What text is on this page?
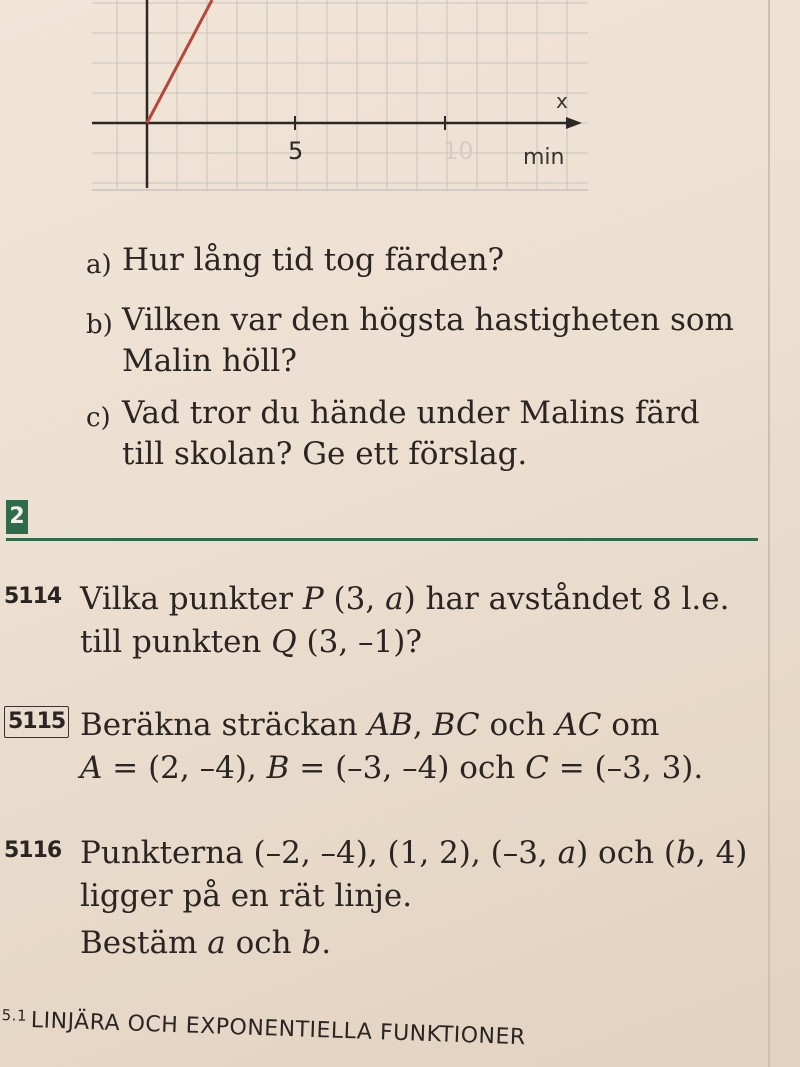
x
5	10 min
a) Hur lång tid tog färden?
b) Vilken var den högsta hastigheten som
Malin höll?
c) Vad tror du hände under Malins färd
till skolan? Ge ett förslag.
2
5114 Vilka punkter P (3, a) har avståndet 8 l.e.
till punkten Q (3, –1)?
5115 Beräkna sträckan AB, BC och AC om
A = (2, –4), B = (–3, –4) och C = (–3, 3).
5116 Punkterna (–2, –4), (1, 2), (–3, a) och (b, 4)
ligger på en rät linje.
Bestäm a och b.
$^{5.1}$ LINJÄRA OCH EXPONENTIELLA FUNKTIONER
